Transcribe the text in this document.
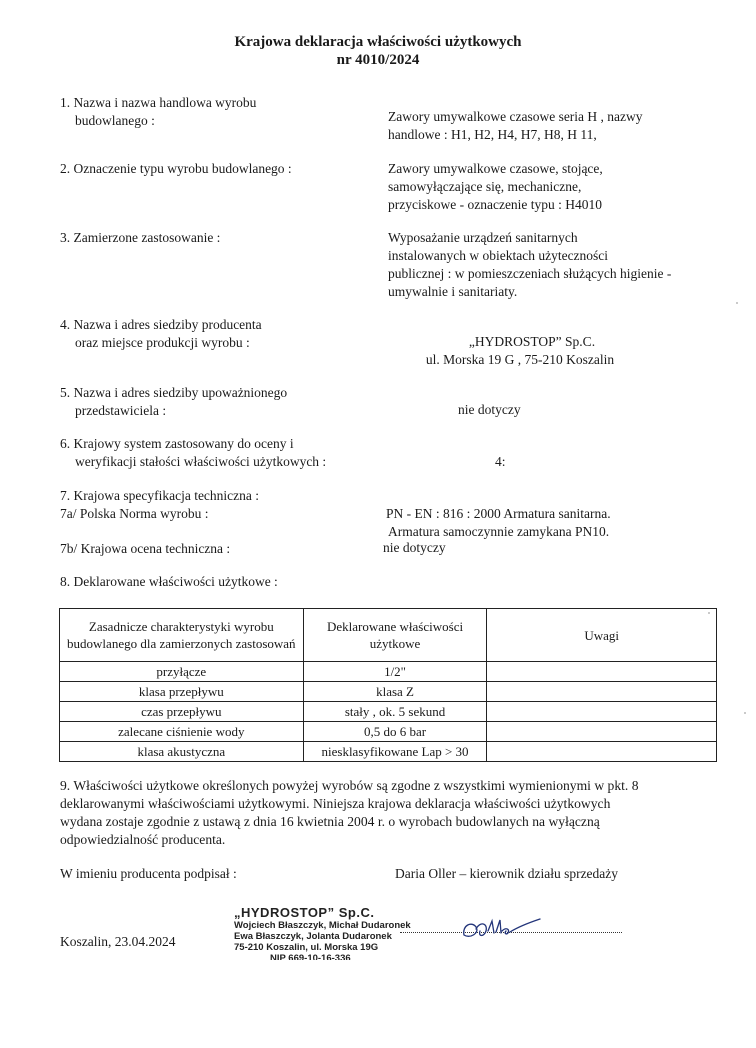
Krajowa deklaracja właściwości użytkowych
nr 4010/2024
1. Nazwa i nazwa handlowa wyrobu
budowlanego :	Zawory umywalkowe czasowe seria H , nazwy
handlowe : H1, H2, H4, H7, H8, H 11,
2. Oznaczenie typu wyrobu budowlanego :	Zawory umywalkowe czasowe, stojące,
samowyłączające się, mechaniczne,
przyciskowe - oznaczenie typu : H4010
3. Zamierzone zastosowanie :	Wyposażanie urządzeń sanitarnych
instalowanych w obiektach użyteczności
publicznej : w pomieszczeniach służących higienie -
umywalnie i sanitariaty.
4. Nazwa i adres siedziby producenta
oraz miejsce produkcji wyrobu :	„HYDROSTOP” Sp.C.
ul. Morska 19 G , 75-210 Koszalin
5. Nazwa i adres siedziby upoważnionego
przedstawiciela :	nie dotyczy
6. Krajowy system zastosowany do oceny i
weryfikacji stałości właściwości użytkowych :	4:
7. Krajowa specyfikacja techniczna :
7a/ Polska Norma wyrobu :	PN - EN : 816 : 2000 Armatura sanitarna.
Armatura samoczynnie zamykana PN10.
7b/ Krajowa ocena techniczna :	nie dotyczy
8. Deklarowane właściwości użytkowe :
Zasadnicze charakterystyki wyrobu budowlanego dla zamierzonych zastosowań	Deklarowane właściwości użytkowe	Uwagi
przyłącze	1/2"	
klasa przepływu	klasa Z	
czas przepływu	stały , ok. 5 sekund	
zalecane ciśnienie wody	0,5 do 6 bar	
klasa akustyczna	niesklasyfikowane Lap > 30	
9. Właściwości użytkowe określonych powyżej wyrobów są zgodne z wszystkimi wymienionymi w pkt. 8
deklarowanymi właściwościami użytkowymi. Niniejsza krajowa deklaracja właściwości użytkowych
wydana zostaje zgodnie z ustawą z dnia 16 kwietnia 2004 r. o wyrobach budowlanych na wyłączną
odpowiedzialność producenta.
W imieniu producenta podpisał :	Daria Oller – kierownik działu sprzedaży
Koszalin, 23.04.2024
„HYDROSTOP” Sp.C.
Wojciech Błaszczyk, Michał Dudaronek
Ewa Błaszczyk, Jolanta Dudaronek
75-210 Koszalin, ul. Morska 19G
NIP 669-10-16-336
